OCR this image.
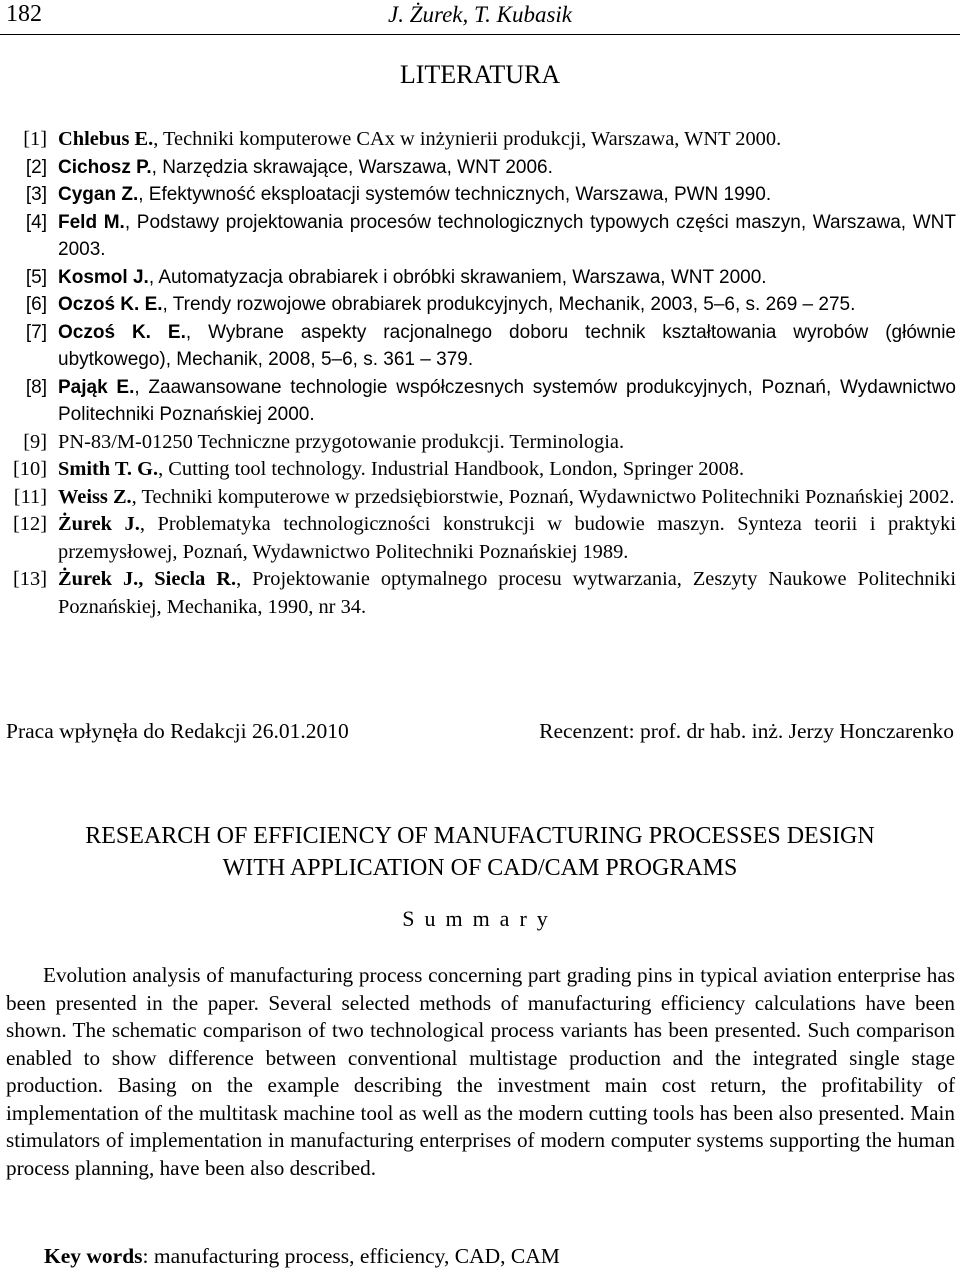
182	J. Żurek, T. Kubasik
LITERATURA
[1] Chlebus E., Techniki komputerowe CAx w inżynierii produkcji, Warszawa, WNT 2000.
[2] Cichosz P., Narzędzia skrawające, Warszawa, WNT 2006.
[3] Cygan Z., Efektywność eksploatacji systemów technicznych, Warszawa, PWN 1990.
[4] Feld M., Podstawy projektowania procesów technologicznych typowych części maszyn, Warszawa, WNT 2003.
[5] Kosmol J., Automatyzacja obrabiarek i obróbki skrawaniem, Warszawa, WNT 2000.
[6] Oczoś K. E., Trendy rozwojowe obrabiarek produkcyjnych, Mechanik, 2003, 5–6, s. 269 – 275.
[7] Oczoś K. E., Wybrane aspekty racjonalnego doboru technik kształtowania wyrobów (głównie ubytkowego), Mechanik, 2008, 5–6, s. 361 – 379.
[8] Pająk E., Zaawansowane technologie współczesnych systemów produkcyjnych, Poznań, Wydawnictwo Politechniki Poznańskiej 2000.
[9] PN-83/M-01250 Techniczne przygotowanie produkcji. Terminologia.
[10] Smith T. G., Cutting tool technology. Industrial Handbook, London, Springer 2008.
[11] Weiss Z., Techniki komputerowe w przedsiębiorstwie, Poznań, Wydawnictwo Politechniki Poznańskiej 2002.
[12] Żurek J., Problematyka technologiczności konstrukcji w budowie maszyn. Synteza teorii i praktyki przemysłowej, Poznań, Wydawnictwo Politechniki Poznańskiej 1989.
[13] Żurek J., Siecla R., Projektowanie optymalnego procesu wytwarzania, Zeszyty Naukowe Politechniki Poznańskiej, Mechanika, 1990, nr 34.
Praca wpłynęła do Redakcji 26.01.2010	Recenzent: prof. dr hab. inż. Jerzy Honczarenko
RESEARCH OF EFFICIENCY OF MANUFACTURING PROCESSES DESIGN
WITH APPLICATION OF CAD/CAM PROGRAMS
Summary

Evolution analysis of manufacturing process concerning part grading pins in typical aviation enterprise has been presented in the paper. Several selected methods of manufacturing efficiency calculations have been shown. The schematic comparison of two technological process variants has been presented. Such comparison enabled to show difference between conventional multistage production and the integrated single stage production. Basing on the example describing the investment main cost return, the profitability of implementation of the multitask machine tool as well as the modern cutting tools has been also presented. Main stimulators of implementation in manufacturing enterprises of modern computer systems supporting the human process planning, have been also described.

Key words: manufacturing process, efficiency, CAD, CAM
